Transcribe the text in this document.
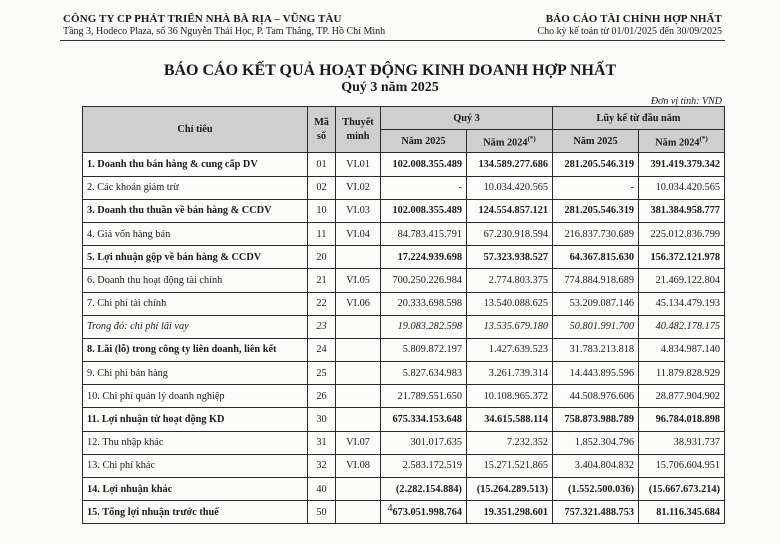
CÔNG TY CP PHÁT TRIỂN NHÀ BÀ RỊA – VŨNG TÀU
Tầng 3, Hodeco Plaza, số 36 Nguyễn Thái Học, P. Tam Thắng, TP. Hồ Chí Minh
BÁO CÁO TÀI CHÍNH HỢP NHẤT
Cho kỳ kế toán từ 01/01/2025 đến 30/09/2025
BÁO CÁO KẾT QUẢ HOẠT ĐỘNG KINH DOANH HỢP NHẤT
Quý 3 năm 2025
Đơn vị tính: VND
Chỉ tiêu	Mã số	Thuyết minh	Quý 3		Lũy kế từ đầu năm	
			Năm 2025	Năm 2024(*)	Năm 2025	Năm 2024(*)
1. Doanh thu bán hàng & cung cấp DV	01	VI.01	102.008.355.489	134.589.277.686	281.205.546.319	391.419.379.342
2. Các khoản giảm trừ	02	VI.02	-	10.034.420.565	-	10.034.420.565
3. Doanh thu thuần về bán hàng & CCDV	10	VI.03	102.008.355.489	124.554.857.121	281.205.546.319	381.384.958.777
4. Giá vốn hàng bán	11	VI.04	84.783.415.791	67.230.918.594	216.837.730.689	225.012.836.799
5. Lợi nhuận gộp về bán hàng & CCDV	20		17.224.939.698	57.323.938.527	64.367.815.630	156.372.121.978
6. Doanh thu hoạt động tài chính	21	VI.05	700.250.226.984	2.774.803.375	774.884.918.689	21.469.122.804
7. Chi phí tài chính	22	VI.06	20.333.698.598	13.540.088.625	53.209.087.146	45.134.479.193
Trong đó: chi phí lãi vay	23		19.083.282.598	13.535.679.180	50.801.991.700	40.482.178.175
8. Lãi (lỗ) trong công ty liên doanh, liên kết	24		5.809.872.197	1.427.639.523	31.783.213.818	4.834.987.140
9. Chi phí bán hàng	25		5.827.634.983	3.261.739.314	14.443.895.596	11.879.828.929
10. Chi phí quản lý doanh nghiệp	26		21.789.551.650	10.108.965.372	44.508.976.606	28.877.904.902
11. Lợi nhuận từ hoạt động KD	30		675.334.153.648	34.615.588.114	758.873.988.789	96.784.018.898
12. Thu nhập khác	31	VI.07	301.017.635	7.232.352	1.852.304.796	38.931.737
13. Chi phí khác	32	VI.08	2.583.172.519	15.271.521.865	3.404.804.832	15.706.604.951
14. Lợi nhuận khác	40		(2.282.154.884)	(15.264.289.513)	(1.552.500.036)	(15.667.673.214)
15. Tổng lợi nhuận trước thuế	50		673.051.998.764	19.351.298.601	757.321.488.753	81.116.345.684
4
